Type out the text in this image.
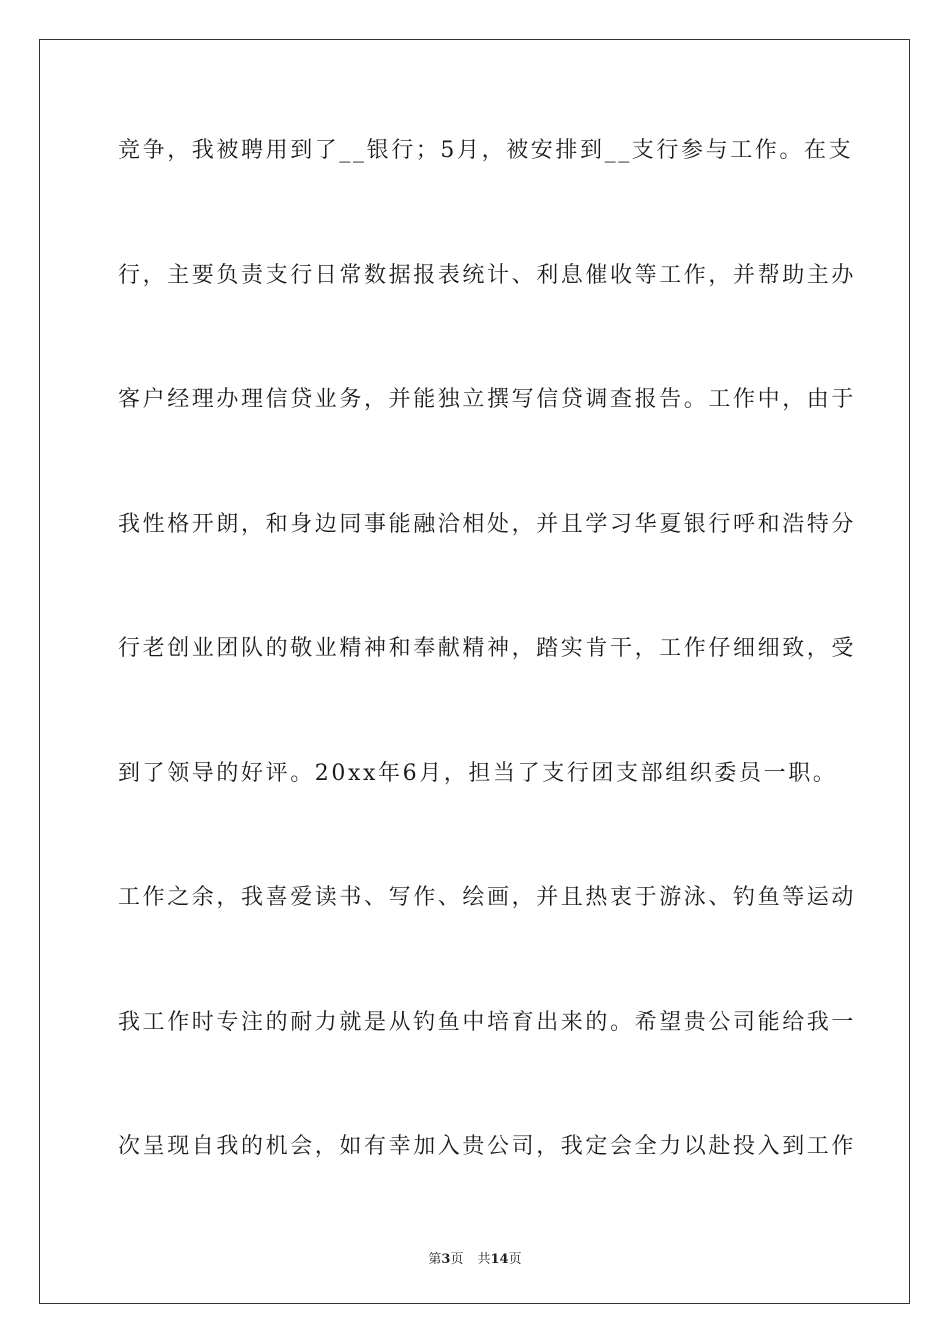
竞争，我被聘用到了__银行；5月，被安排到__支行参与工作。在支
行，主要负责支行日常数据报表统计、利息催收等工作，并帮助主办
客户经理办理信贷业务，并能独立撰写信贷调查报告。工作中，由于
我性格开朗，和身边同事能融洽相处，并且学习华夏银行呼和浩特分
行老创业团队的敬业精神和奉献精神，踏实肯干，工作仔细细致，受
到了领导的好评。20xx年6月，担当了支行团支部组织委员一职。
工作之余，我喜爱读书、写作、绘画，并且热衷于游泳、钓鱼等运动
我工作时专注的耐力就是从钓鱼中培育出来的。希望贵公司能给我一
次呈现自我的机会，如有幸加入贵公司，我定会全力以赴投入到工作
第3页 共14页
